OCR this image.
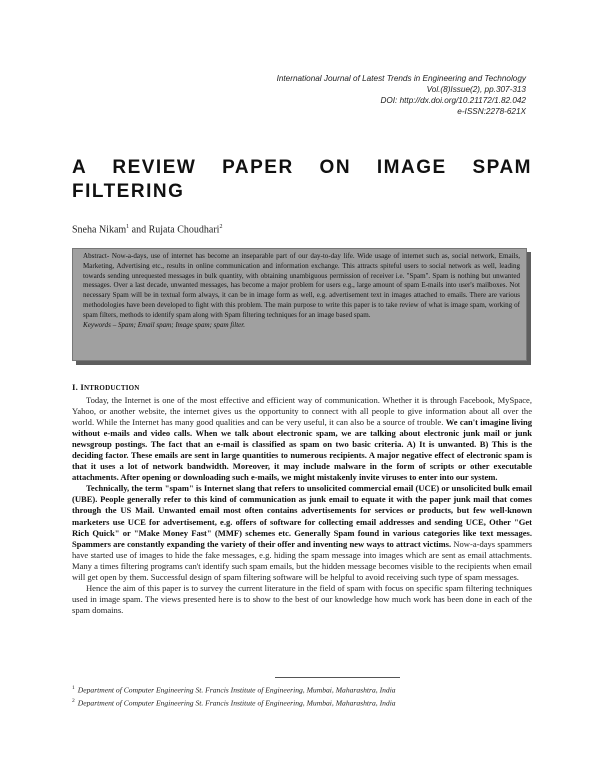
International Journal of Latest Trends in Engineering and Technology
Vol.(8)Issue(2), pp.307-313
DOI: http://dx.doi.org/10.21172/1.82.042
e-ISSN:2278-621X
A REVIEW PAPER ON IMAGE SPAM FILTERING
Sneha Nikam$^1$ and Rujata Choudhari$^2$

Abstract- Now-a-days, use of internet has become an inseparable part of our day-to-day life. Wide usage of internet such as, social network, Emails, Marketing, Advertising etc., results in online communication and information exchange. This attracts spiteful users to social network as well, leading towards sending unrequested messages in bulk quantity, with obtaining unambiguous permission of receiver i.e. "Spam". Spam is nothing but unwanted messages. Over a last decade, unwanted messages, has become a major problem for users e.g., large amount of spam E-mails into user's mailboxes. Not necessary Spam will be in textual form always, it can be in image form as well, e.g. advertisement text in images attached to emails. There are various methodologies have been developed to fight with this problem. The main purpose to write this paper is to take review of what is image spam, working of spam filters, methods to identify spam along with Spam filtering techniques for an image based spam.

Keywords – Spam; Email spam; Image spam; spam filter.

I. INTRODUCTION

Today, the Internet is one of the most effective and efficient way of communication. Whether it is through Facebook, MySpace, Yahoo, or another website, the internet gives us the opportunity to connect with all people to give information about all over the world. While the Internet has many good qualities and can be very useful, it can also be a source of trouble. We can't imagine living without e-mails and video calls. When we talk about electronic spam, we are talking about electronic junk mail or junk newsgroup postings. The fact that an e-mail is classified as spam on two basic criteria. A) It is unwanted. B) This is the deciding factor. These emails are sent in large quantities to numerous recipients. A major negative effect of electronic spam is that it uses a lot of network bandwidth. Moreover, it may include malware in the form of scripts or other executable attachments. After opening or downloading such e-mails, we might mistakenly invite viruses to enter into our system.

Technically, the term "spam" is Internet slang that refers to unsolicited commercial email (UCE) or unsolicited bulk email (UBE). People generally refer to this kind of communication as junk email to equate it with the paper junk mail that comes through the US Mail. Unwanted email most often contains advertisements for services or products, but few well-known marketers use UCE for advertisement, e.g. offers of software for collecting email addresses and sending UCE, Other "Get Rich Quick" or "Make Money Fast" (MMF) schemes etc. Generally Spam found in various categories like text messages. Spammers are constantly expanding the variety of their offer and inventing new ways to attract victims. Now-a-days spammers have started use of images to hide the fake messages, e.g. hiding the spam message into images which are sent as email attachments. Many a times filtering programs can't identify such spam emails, but the hidden message becomes visible to the recipients when email will get open by them. Successful design of spam filtering software will be helpful to avoid receiving such type of spam messages.

Hence the aim of this paper is to survey the current literature in the field of spam with focus on specific spam filtering techniques used in image spam. The views presented here is to show to the best of our knowledge how much work has been done in each of the spam domains.

$^1$ Department of Computer Engineering St. Francis Institute of Engineering, Mumbai, Maharashtra, India
$^2$ Department of Computer Engineering St. Francis Institute of Engineering, Mumbai, Maharashtra, India
